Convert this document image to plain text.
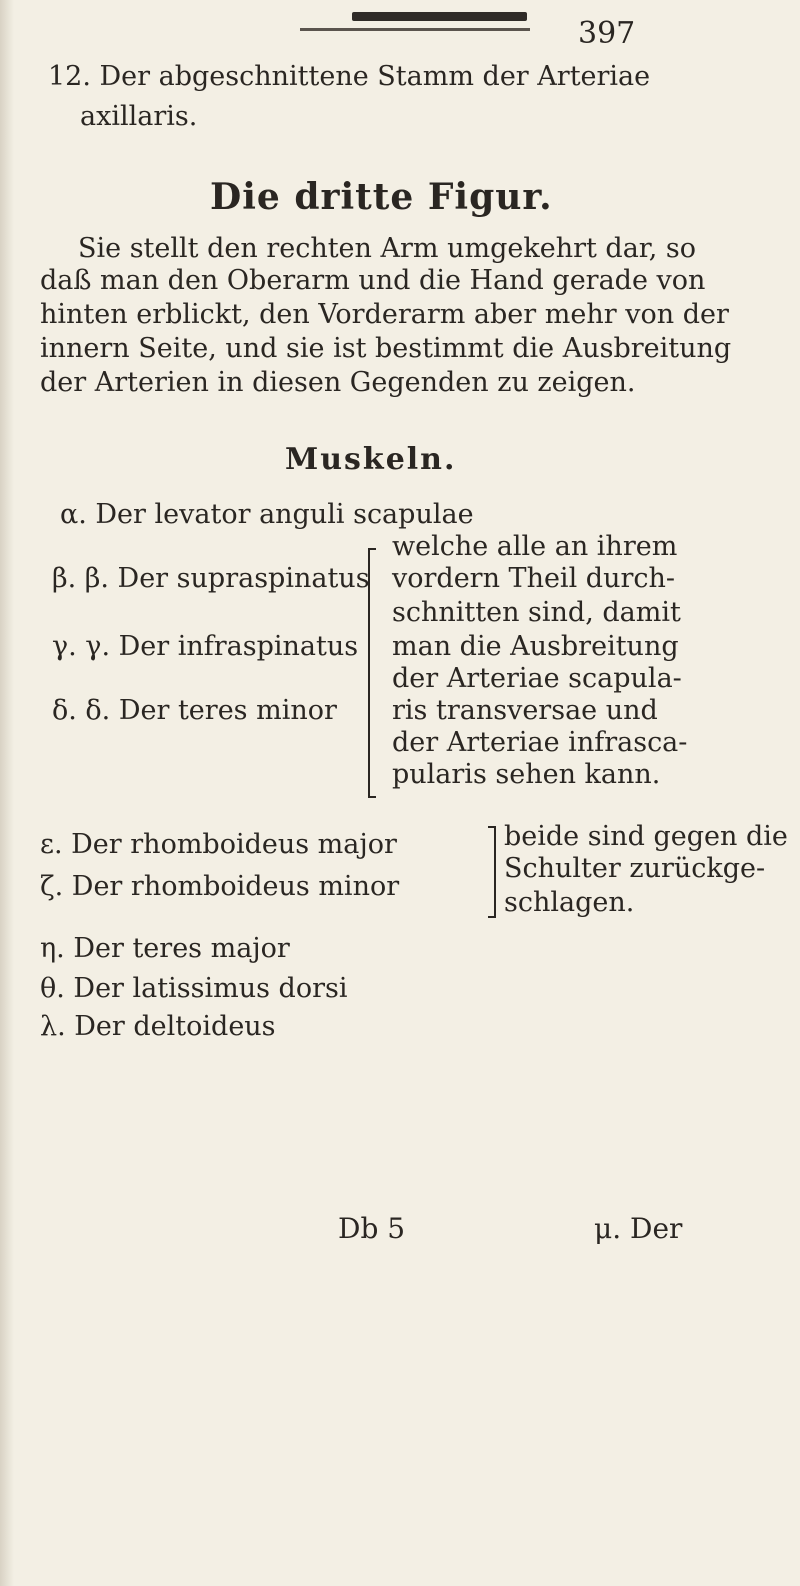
397
12. Der abgeschnittene Stamm der Arteriae
axillaris.
Die dritte Figur.
Sie stellt den rechten Arm umgekehrt dar, so
daß man den Oberarm und die Hand gerade von
hinten erblickt, den Vorderarm aber mehr von der
innern Seite, und sie ist bestimmt die Ausbreitung
der Arterien in diesen Gegenden zu zeigen.
Muskeln.
α. Der levator anguli scapulae
β. β. Der supraspinatus
γ. γ. Der infraspinatus
δ. δ. Der teres minor
welche alle an ihrem
vordern Theil durch-
schnitten sind, damit
man die Ausbreitung
der Arteriae scapula-
ris transversae und
der Arteriae infrasca-
pularis sehen kann.
ε. Der rhomboideus major
ζ. Der rhomboideus minor
beide sind gegen die
Schulter zurückge-
schlagen.
η. Der teres major
θ. Der latissimus dorsi
λ. Der deltoideus
Db 5	μ. Der
